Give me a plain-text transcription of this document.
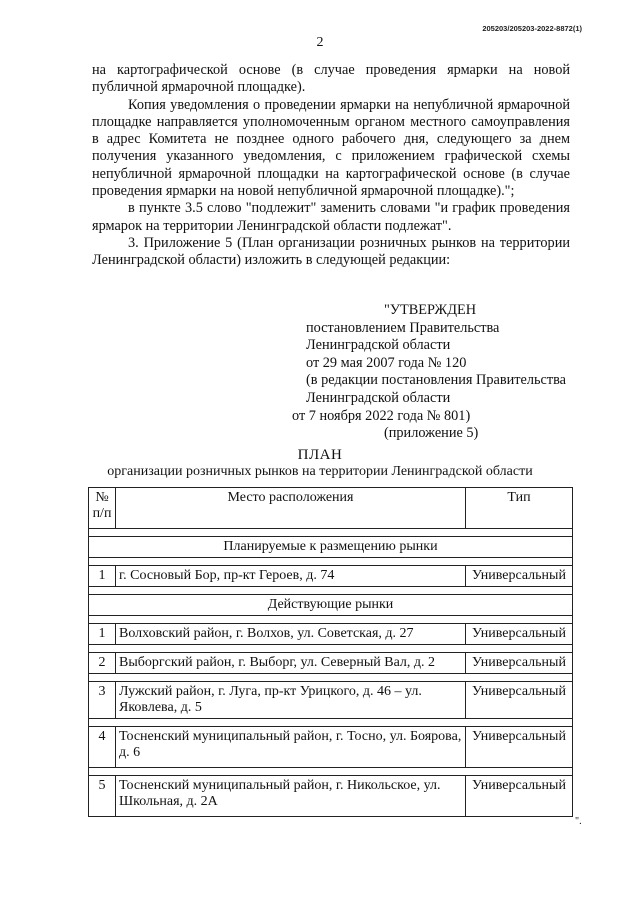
205203/205203-2022-8872(1)
2

на картографической основе (в случае проведения ярмарки на новой публичной ярмарочной площадке).

Копия уведомления о проведении ярмарки на непубличной ярмарочной площадке направляется уполномоченным органом местного самоуправления в адрес Комитета не позднее одного рабочего дня, следующего за днем получения указанного уведомления, с приложением графической схемы непубличной ярмарочной площадки на картографической основе (в случае проведения ярмарки на новой непубличной ярмарочной площадке).";

в пункте 3.5 слово "подлежит" заменить словами "и график проведения ярмарок на территории Ленинградской области подлежат".

3. Приложение 5 (План организации розничных рынков на территории Ленинградской области) изложить в следующей редакции:

"УТВЕРЖДЕН
постановлением Правительства
Ленинградской области
от 29 мая 2007 года № 120
(в редакции постановления Правительства
Ленинградской области
от 7 ноября 2022 года № 801)
(приложение 5)
ПЛАН
организации розничных рынков на территории Ленинградской области
№ п/п	Место расположения	Тип

Планируемые к размещению рынки		

1	г. Сосновый Бор, пр-кт Героев, д. 74	Универсальный

Действующие рынки		

1	Волховский район, г. Волхов, ул. Советская, д. 27	Универсальный

2	Выборгский район, г. Выборг, ул. Северный Вал, д. 2	Универсальный

3	Лужский район, г. Луга, пр-кт Урицкого, д. 46 – ул. Яковлева, д. 5	Универсальный

4	Тосненский муниципальный район, г. Тосно, ул. Боярова, д. 6	Универсальный

5	Тосненский муниципальный район, г. Никольское, ул. Школьная, д. 2А	Универсальный
".
